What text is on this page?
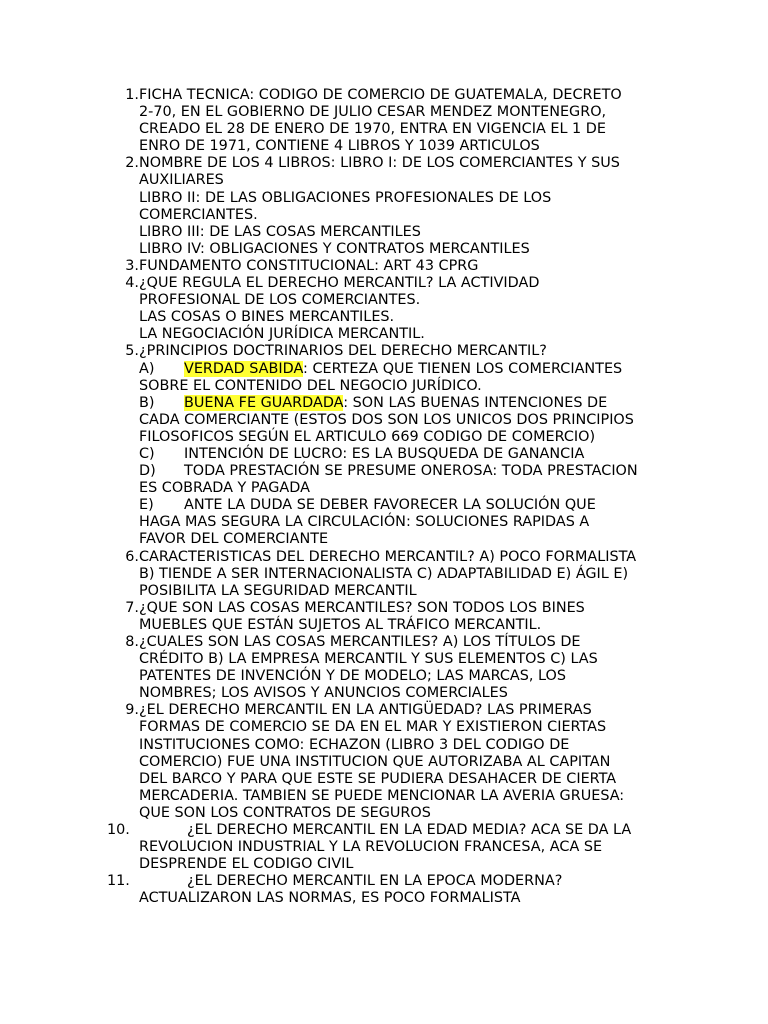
1. FICHA TECNICA: CODIGO DE COMERCIO DE GUATEMALA, DECRETO
2-70, EN EL GOBIERNO DE JULIO CESAR MENDEZ MONTENEGRO,
CREADO EL 28 DE ENERO DE 1970, ENTRA EN VIGENCIA EL 1 DE
ENRO DE 1971, CONTIENE 4 LIBROS Y 1039 ARTICULOS
2. NOMBRE DE LOS 4 LIBROS: LIBRO I: DE LOS COMERCIANTES Y SUS
AUXILIARES
LIBRO II: DE LAS OBLIGACIONES PROFESIONALES DE LOS
COMERCIANTES.
LIBRO III: DE LAS COSAS MERCANTILES
LIBRO IV: OBLIGACIONES Y CONTRATOS MERCANTILES
3. FUNDAMENTO CONSTITUCIONAL: ART 43 CPRG
4. ¿QUE REGULA EL DERECHO MERCANTIL? LA ACTIVIDAD
PROFESIONAL DE LOS COMERCIANTES.
LAS COSAS O BINES MERCANTILES.
LA NEGOCIACIÓN JURÍDICA MERCANTIL.
5. ¿PRINCIPIOS DOCTRINARIOS DEL DERECHO MERCANTIL?
A) VERDAD SABIDA: CERTEZA QUE TIENEN LOS COMERCIANTES
SOBRE EL CONTENIDO DEL NEGOCIO JURÍDICO.
B) BUENA FE GUARDADA: SON LAS BUENAS INTENCIONES DE
CADA COMERCIANTE (ESTOS DOS SON LOS UNICOS DOS PRINCIPIOS
FILOSOFICOS SEGÚN EL ARTICULO 669 CODIGO DE COMERCIO)
C) INTENCIÓN DE LUCRO: ES LA BUSQUEDA DE GANANCIA
D) TODA PRESTACIÓN SE PRESUME ONEROSA: TODA PRESTACION
ES COBRADA Y PAGADA
E) ANTE LA DUDA SE DEBER FAVORECER LA SOLUCIÓN QUE
HAGA MAS SEGURA LA CIRCULACIÓN: SOLUCIONES RAPIDAS A
FAVOR DEL COMERCIANTE
6. CARACTERISTICAS DEL DERECHO MERCANTIL? A) POCO FORMALISTA
B) TIENDE A SER INTERNACIONALISTA C) ADAPTABILIDAD E) ÁGIL E)
POSIBILITA LA SEGURIDAD MERCANTIL
7. ¿QUE SON LAS COSAS MERCANTILES? SON TODOS LOS BINES
MUEBLES QUE ESTÁN SUJETOS AL TRÁFICO MERCANTIL.
8. ¿CUALES SON LAS COSAS MERCANTILES? A) LOS TÍTULOS DE
CRÉDITO B) LA EMPRESA MERCANTIL Y SUS ELEMENTOS C) LAS
PATENTES DE INVENCIÓN Y DE MODELO; LAS MARCAS, LOS
NOMBRES; LOS AVISOS Y ANUNCIOS COMERCIALES
9. ¿EL DERECHO MERCANTIL EN LA ANTIGÜEDAD? LAS PRIMERAS
FORMAS DE COMERCIO SE DA EN EL MAR Y EXISTIERON CIERTAS
INSTITUCIONES COMO: ECHAZON (LIBRO 3 DEL CODIGO DE
COMERCIO) FUE UNA INSTITUCION QUE AUTORIZABA AL CAPITAN
DEL BARCO Y PARA QUE ESTE SE PUDIERA DESAHACER DE CIERTA
MERCADERIA. TAMBIEN SE PUEDE MENCIONAR LA AVERIA GRUESA:
QUE SON LOS CONTRATOS DE SEGUROS
10.	¿EL DERECHO MERCANTIL EN LA EDAD MEDIA? ACA SE DA LA
REVOLUCION INDUSTRIAL Y LA REVOLUCION FRANCESA, ACA SE
DESPRENDE EL CODIGO CIVIL
11.	¿EL DERECHO MERCANTIL EN LA EPOCA MODERNA?
ACTUALIZARON LAS NORMAS, ES POCO FORMALISTA
